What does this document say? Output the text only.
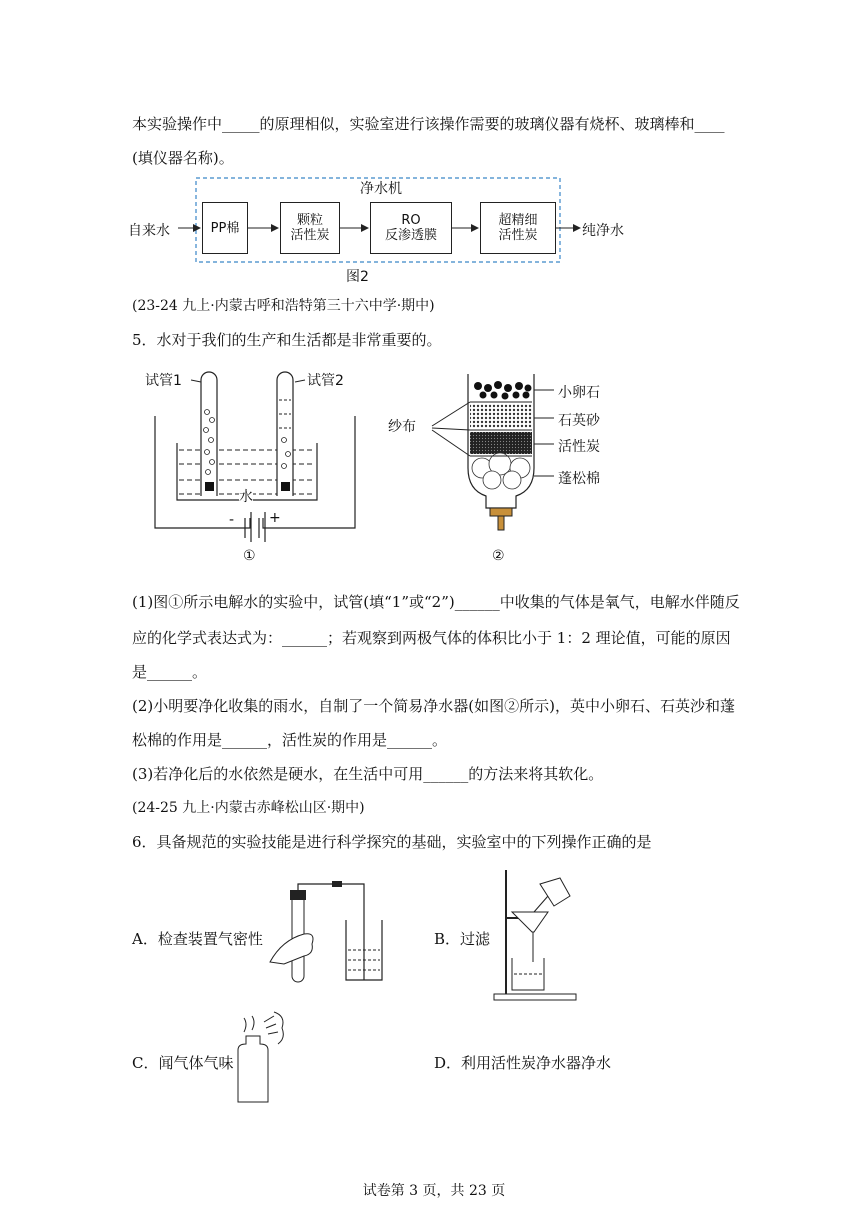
本实验操作中_____的原理相似，实验室进行该操作需要的玻璃仪器有烧杯、玻璃棒和____
(填仪器名称)。
净水机
自来水	PP棉	颗粒
活性炭
RO
反渗透膜
超精细
活性炭	纯净水
图2
(23-24 九上·内蒙古呼和浩特第三十六中学·期中)
5．水对于我们的生产和生活都是非常重要的。
试管1	试管2
水
- +
①
纱布
小卵石
石英砂
活性炭
蓬松棉
②
(1)图①所示电解水的实验中，试管(填“1”或“2”)______中收集的气体是氧气，电解水伴随反
应的化学式表达式为：______；若观察到两极气体的体积比小于 1：2 理论值，可能的原因
是______。
(2)小明要净化收集的雨水，自制了一个简易净水器(如图②所示)，英中小卵石、石英沙和蓬
松棉的作用是______，活性炭的作用是______。
(3)若净化后的水依然是硬水，在生活中可用______的方法来将其软化。
(24-25 九上·内蒙古赤峰松山区·期中)
6．具备规范的实验技能是进行科学探究的基础，实验室中的下列操作正确的是
A．检查装置气密性	B．过滤
C．闻气体气味	D．利用活性炭净水器净水
试卷第 3 页，共 23 页
